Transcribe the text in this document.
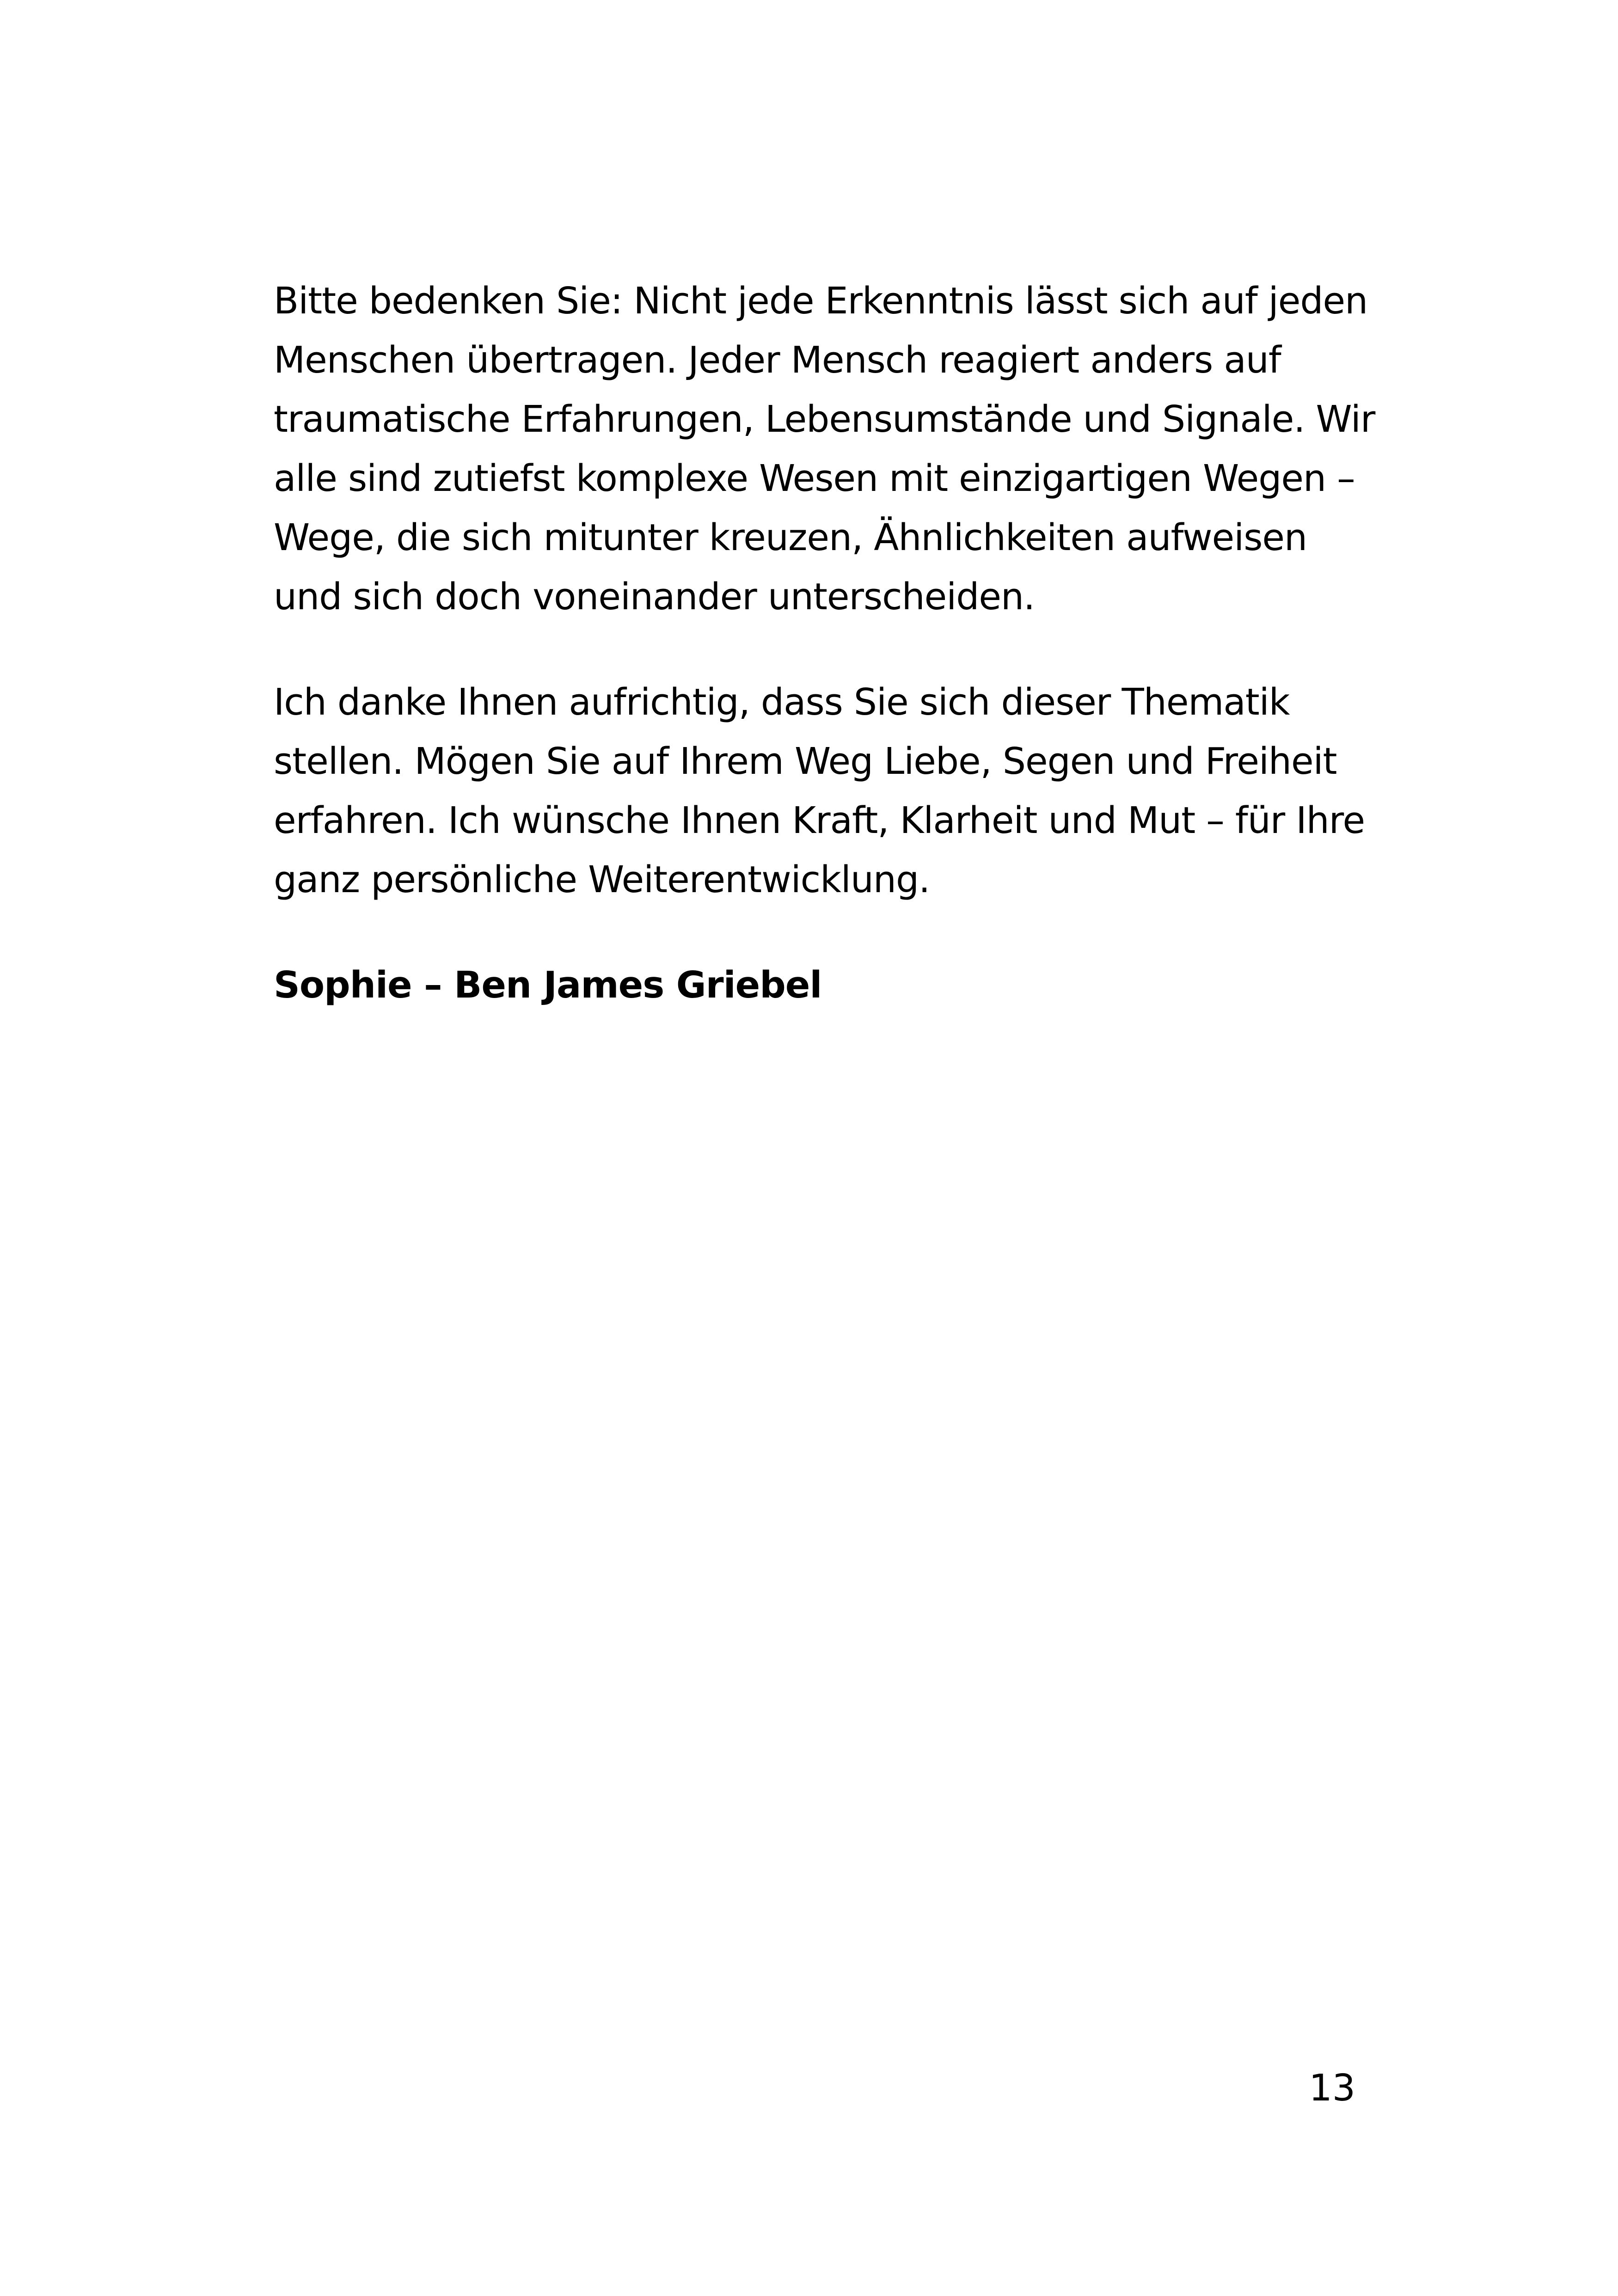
Bitte bedenken Sie: Nicht jede Erkenntnis lässt sich auf jeden

Menschen übertragen. Jeder Mensch reagiert anders auf

traumatische Erfahrungen, Lebensumstände und Signale. Wir

alle sind zutiefst komplexe Wesen mit einzigartigen Wegen –

Wege, die sich mitunter kreuzen, Ähnlichkeiten aufweisen

und sich doch voneinander unterscheiden.

Ich danke Ihnen aufrichtig, dass Sie sich dieser Thematik

stellen. Mögen Sie auf Ihrem Weg Liebe, Segen und Freiheit

erfahren. Ich wünsche Ihnen Kraft, Klarheit und Mut – für Ihre

ganz persönliche Weiterentwicklung.

Sophie – Ben James Griebel

13
